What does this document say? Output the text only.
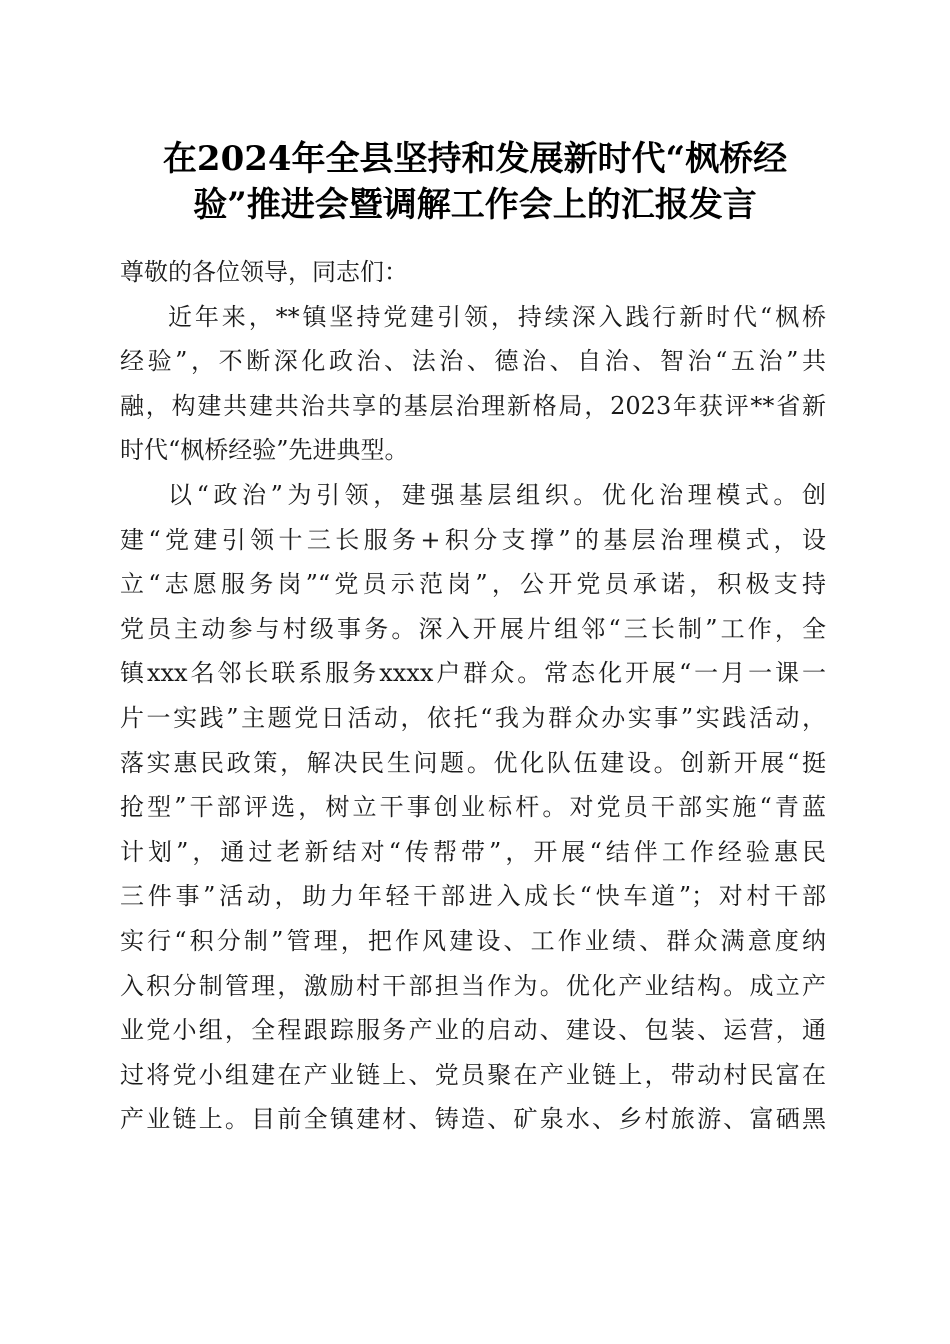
在2024年全县坚持和发展新时代“枫桥经
验”推进会暨调解工作会上的汇报发言
尊敬的各位领导，同志们：
近年来，**镇坚持党建引领，持续深入践行新时代“枫桥
经验”，不断深化政治、法治、德治、自治、智治“五治”共
融，构建共建共治共享的基层治理新格局，2023年获评**省新
时代“枫桥经验”先进典型。
以“政治”为引领，建强基层组织。优化治理模式。创
建“党建引领十三长服务+积分支撑”的基层治理模式，设
立“志愿服务岗”“党员示范岗”，公开党员承诺，积极支持
党员主动参与村级事务。深入开展片组邻“三长制”工作，全
镇xxx名邻长联系服务xxxx户群众。常态化开展“一月一课一
片一实践”主题党日活动，依托“我为群众办实事”实践活动，
落实惠民政策，解决民生问题。优化队伍建设。创新开展“挺
抢型”干部评选，树立干事创业标杆。对党员干部实施“青蓝
计划”，通过老新结对“传帮带”，开展“结伴工作经验惠民
三件事”活动，助力年轻干部进入成长“快车道”；对村干部
实行“积分制”管理，把作风建设、工作业绩、群众满意度纳
入积分制管理，激励村干部担当作为。优化产业结构。成立产
业党小组，全程跟踪服务产业的启动、建设、包装、运营，通
过将党小组建在产业链上、党员聚在产业链上，带动村民富在
产业链上。目前全镇建材、铸造、矿泉水、乡村旅游、富硒黑
